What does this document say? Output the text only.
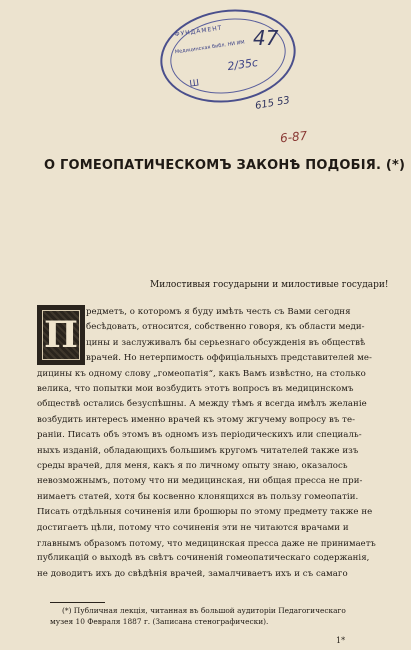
ФУНДАМЕНТ
Медицинская библ. НИ ИМ
2/35с
Ш
47
615 53
6-87
О ГОМЕОПАТИЧЕСКОМЪ ЗАКОНѢ ПОДОБІЯ. (*)
Милостивыя государыни и милостивые государи!
П
редметъ, о которомъ я буду имѣть честь съ Вами сегодня
бесѣдовать, относится, собственно говоря, къ области меди-
цины и заслуживалъ бы серьезнаго обсужденія въ обществѣ
врачей. Но нетерпимость оффиціальныхъ представителей ме-
дицины къ одному слову „гомеопатія“, какъ Вамъ извѣстно, на столько
велика, что попытки мои возбудить этотъ вопросъ въ медицинскомъ
обществѣ остались безуспѣшны. А между тѣмъ я всегда имѣлъ желаніе
возбудить интересъ именно врачей къ этому жгучему вопросу въ те-
раніи. Писать объ этомъ въ одномъ изъ періодическихъ или специаль-
ныхъ изданій, обладающихъ большимъ кругомъ читателей также изъ
среды врачей, для меня, какъ я по личному опыту знаю, оказалось
невозможнымъ, потому что ни медицинская, ни общая пресса не при-
нимаетъ статей, хотя бы косвенно клонящихся въ пользу гомеопатіи.
Писать отдѣльныя сочиненія или брошюры по этому предмету также не
достигаетъ цѣли, потому что сочиненія эти не читаются врачами и
главнымъ образомъ потому, что медицинская пресса даже не принимаетъ
публикацій о выходѣ въ свѣтъ сочиненій гомеопатическаго содержанія,
не доводитъ ихъ до свѣдѣнія врачей, замалчиваетъ ихъ и съ самаго
(*) Публичная лекція, читанная въ большой аудиторіи Педагогическаго
музея 10 Февраля 1887 г. (Записана стенографически).
1*
